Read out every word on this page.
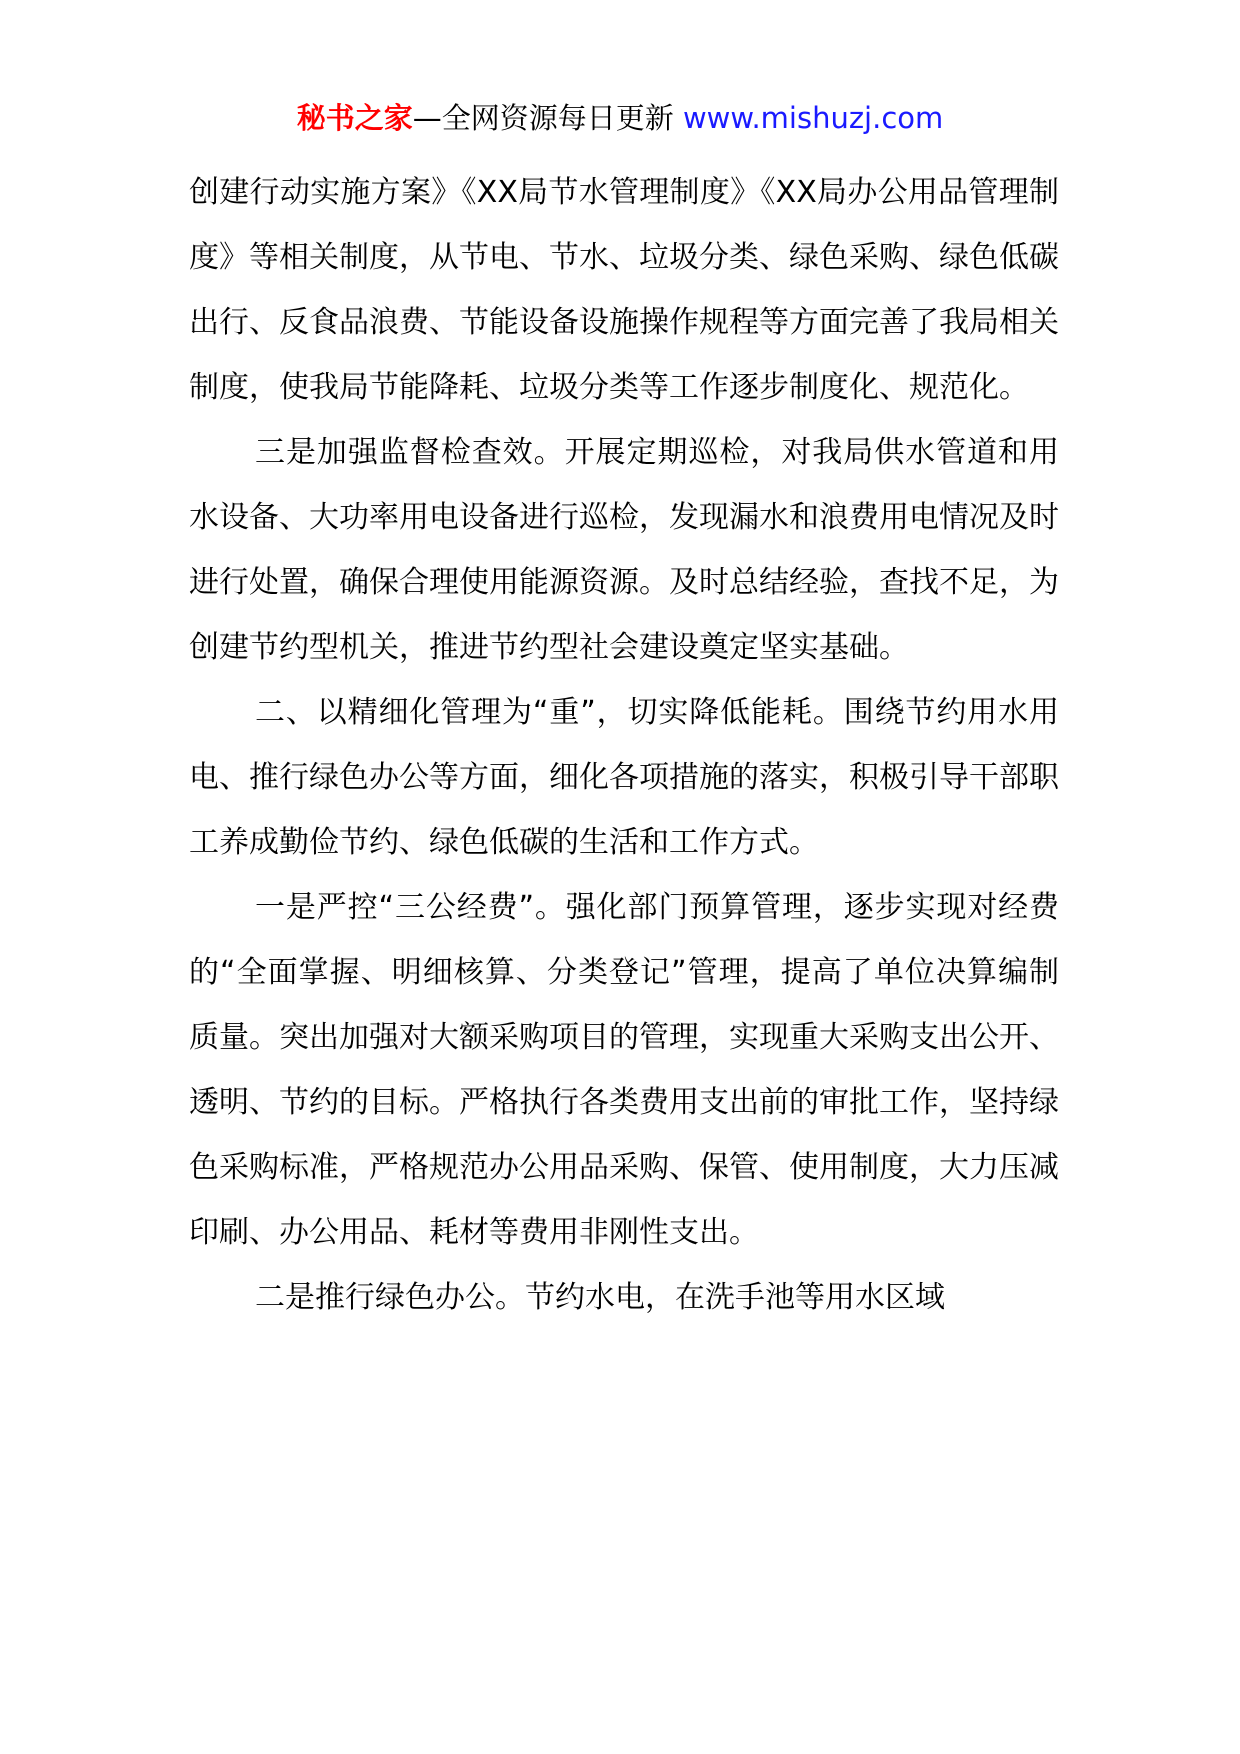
秘书之家—全网资源每日更新 www.mishuzj.com

创建行动实施方案》《XX局节水管理制度》《XX局办公用品管理制度》等相关制度，从节电、节水、垃圾分类、绿色采购、绿色低碳出行、反食品浪费、节能设备设施操作规程等方面完善了我局相关制度，使我局节能降耗、垃圾分类等工作逐步制度化、规范化。

三是加强监督检查效。开展定期巡检，对我局供水管道和用水设备、大功率用电设备进行巡检，发现漏水和浪费用电情况及时进行处置，确保合理使用能源资源。及时总结经验，查找不足，为创建节约型机关，推进节约型社会建设奠定坚实基础。

二、以精细化管理为“重”，切实降低能耗。围绕节约用水用电、推行绿色办公等方面，细化各项措施的落实，积极引导干部职工养成勤俭节约、绿色低碳的生活和工作方式。

一是严控“三公经费”。强化部门预算管理，逐步实现对经费的“全面掌握、明细核算、分类登记”管理，提高了单位决算编制质量。突出加强对大额采购项目的管理，实现重大采购支出公开、透明、节约的目标。严格执行各类费用支出前的审批工作，坚持绿色采购标准，严格规范办公用品采购、保管、使用制度，大力压减印刷、办公用品、耗材等费用非刚性支出。

二是推行绿色办公。节约水电，在洗手池等用水区域
